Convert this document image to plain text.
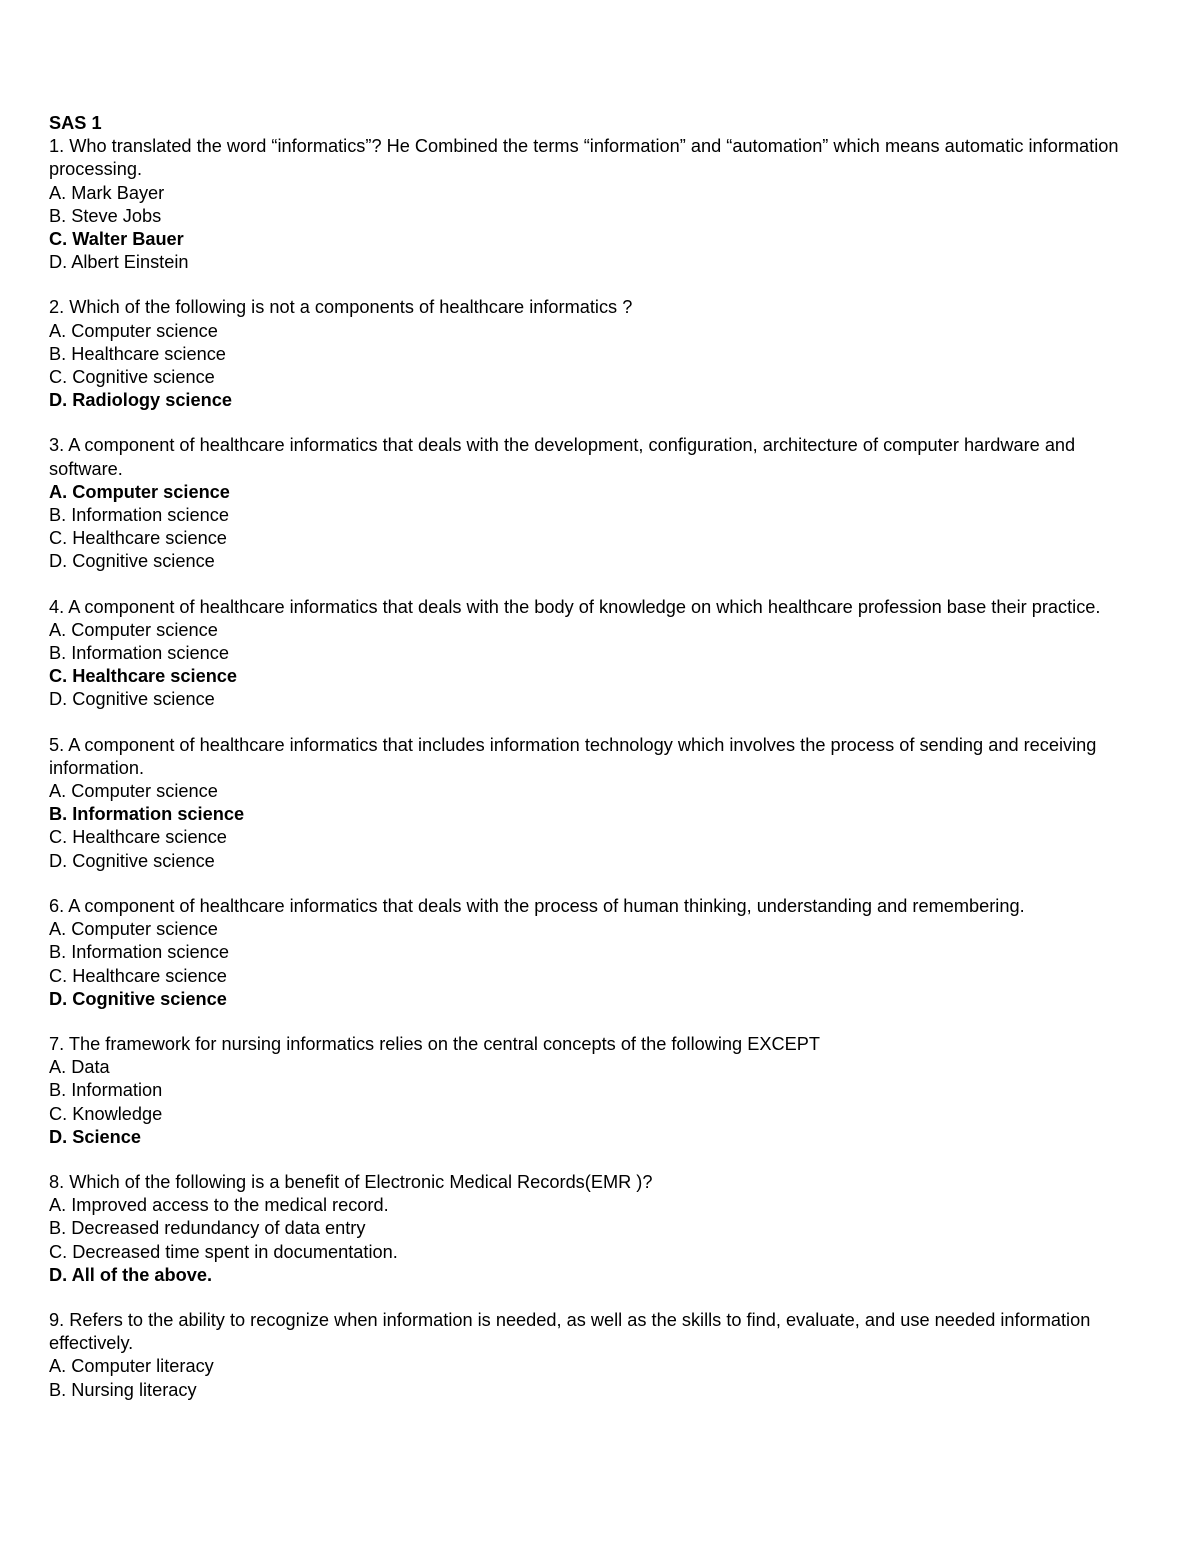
SAS 1
1. Who translated the word “informatics”? He Combined the terms “information” and “automation” which means automatic information processing.
A. Mark Bayer
B. Steve Jobs
C. Walter Bauer
D. Albert Einstein
2. Which of the following is not a components of healthcare informatics ?
A. Computer science
B. Healthcare science
C. Cognitive science
D. Radiology science
3. A component of healthcare informatics that deals with the development, configuration, architecture of computer hardware and software.
A. Computer science
B. Information science
C. Healthcare science
D. Cognitive science
4. A component of healthcare informatics that deals with the body of knowledge on which healthcare profession base their practice.
A. Computer science
B. Information science
C. Healthcare science
D. Cognitive science
5. A component of healthcare informatics that includes information technology which involves the process of sending and receiving information.
A. Computer science
B. Information science
C. Healthcare science
D. Cognitive science
6. A component of healthcare informatics that deals with the process of human thinking, understanding and remembering.
A. Computer science
B. Information science
C. Healthcare science
D. Cognitive science
7. The framework for nursing informatics relies on the central concepts of the following EXCEPT
A. Data
B. Information
C. Knowledge
D. Science
8. Which of the following is a benefit of Electronic Medical Records(EMR )?
A. Improved access to the medical record.
B. Decreased redundancy of data entry
C. Decreased time spent in documentation.
D. All of the above.
9. Refers to the ability to recognize when information is needed, as well as the skills to find, evaluate, and use needed information effectively.
A. Computer literacy
B. Nursing literacy
